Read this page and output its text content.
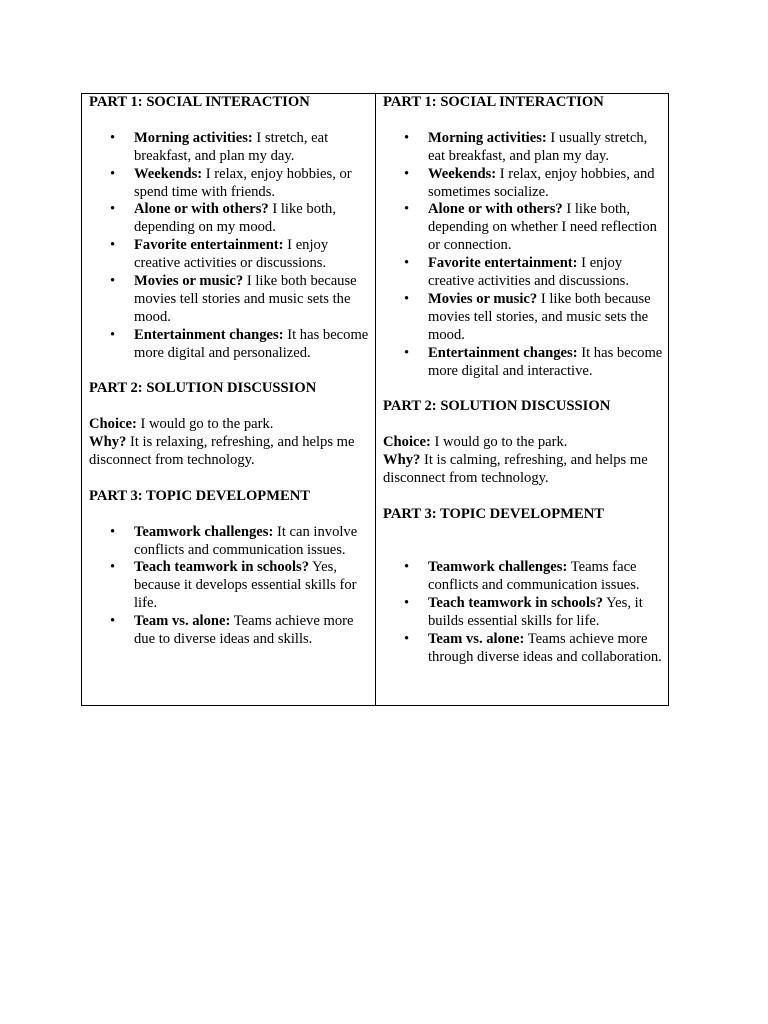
PART 1: SOCIAL INTERACTION

• Morning activities: I stretch, eat breakfast, and plan my day.
• Weekends: I relax, enjoy hobbies, or spend time with friends.
• Alone or with others? I like both, depending on my mood.
• Favorite entertainment: I enjoy creative activities or discussions.
• Movies or music? I like both because movies tell stories and music sets the mood.
• Entertainment changes: It has become more digital and personalized.

PART 2: SOLUTION DISCUSSION

Choice: I would go to the park.

Why? It is relaxing, refreshing, and helps me disconnect from technology.

PART 3: TOPIC DEVELOPMENT

• Teamwork challenges: It can involve conflicts and communication issues.
• Teach teamwork in schools? Yes, because it develops essential skills for life.
• Team vs. alone: Teams achieve more due to diverse ideas and skills.

PART 1: SOCIAL INTERACTION

• Morning activities: I usually stretch, eat breakfast, and plan my day.
• Weekends: I relax, enjoy hobbies, and sometimes socialize.
• Alone or with others? I like both, depending on whether I need reflection or connection.
• Favorite entertainment: I enjoy creative activities and discussions.
• Movies or music? I like both because movies tell stories, and music sets the mood.
• Entertainment changes: It has become more digital and interactive.

PART 2: SOLUTION DISCUSSION

Choice: I would go to the park.

Why? It is calming, refreshing, and helps me disconnect from technology.

PART 3: TOPIC DEVELOPMENT

• Teamwork challenges: Teams face conflicts and communication issues.
• Teach teamwork in schools? Yes, it builds essential skills for life.
• Team vs. alone: Teams achieve more through diverse ideas and collaboration.
